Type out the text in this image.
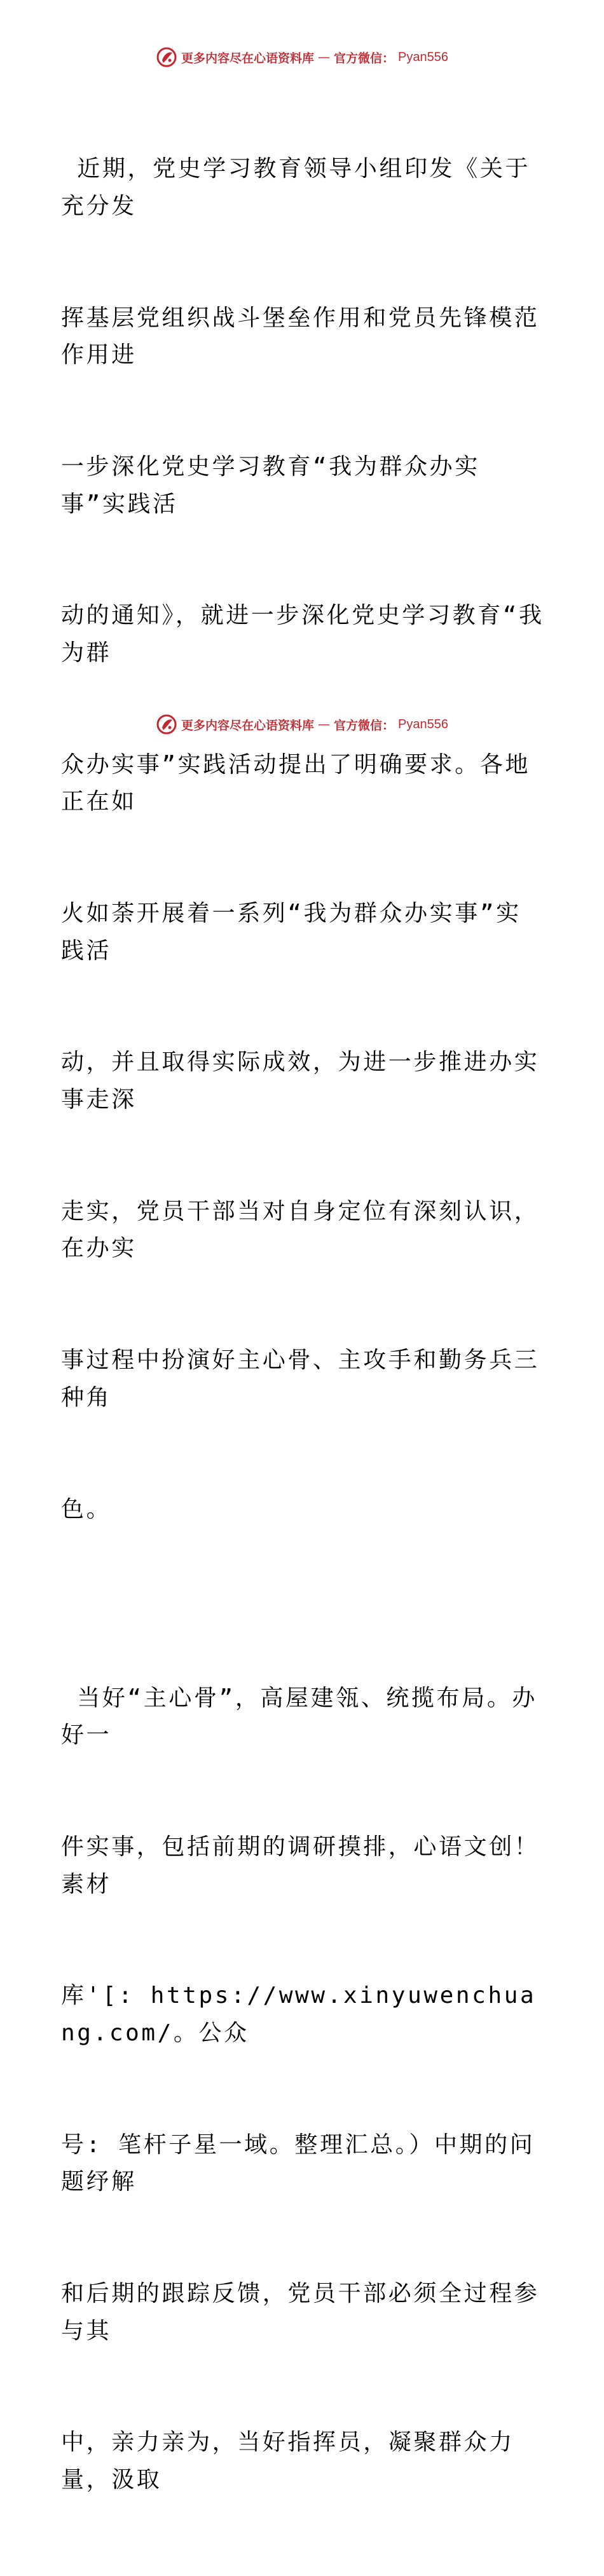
更多内容尽在心语资料库 — 官方微信： Pyan556

近期，党史学习教育领导小组印发《关于充分发

挥基层党组织战斗堡垒作用和党员先锋模范作用进

一步深化党史学习教育“我为群众办实事”实践活

动的通知》，就进一步深化党史学习教育“我为群

众办实事”实践活动提出了明确要求。各地正在如

火如荼开展着一系列“我为群众办实事”实践活

动，并且取得实际成效，为进一步推进办实事走深

走实，党员干部当对自身定位有深刻认识，在办实

事过程中扮演好主心骨、主攻手和勤务兵三种角

色。

当好“主心骨”，高屋建瓴、统揽布局。办好一

件实事，包括前期的调研摸排，心语文创！素材

库'[: https://www.xinyuwenchuang.com/。公众

号: 笔杆子星一域。整理汇总。）中期的问题纾解

和后期的跟踪反馈，党员干部必须全过程参与其

中，亲力亲为，当好指挥员，凝聚群众力量，汲取

更多内容尽在心语资料库 — 官方微信： Pyan556
